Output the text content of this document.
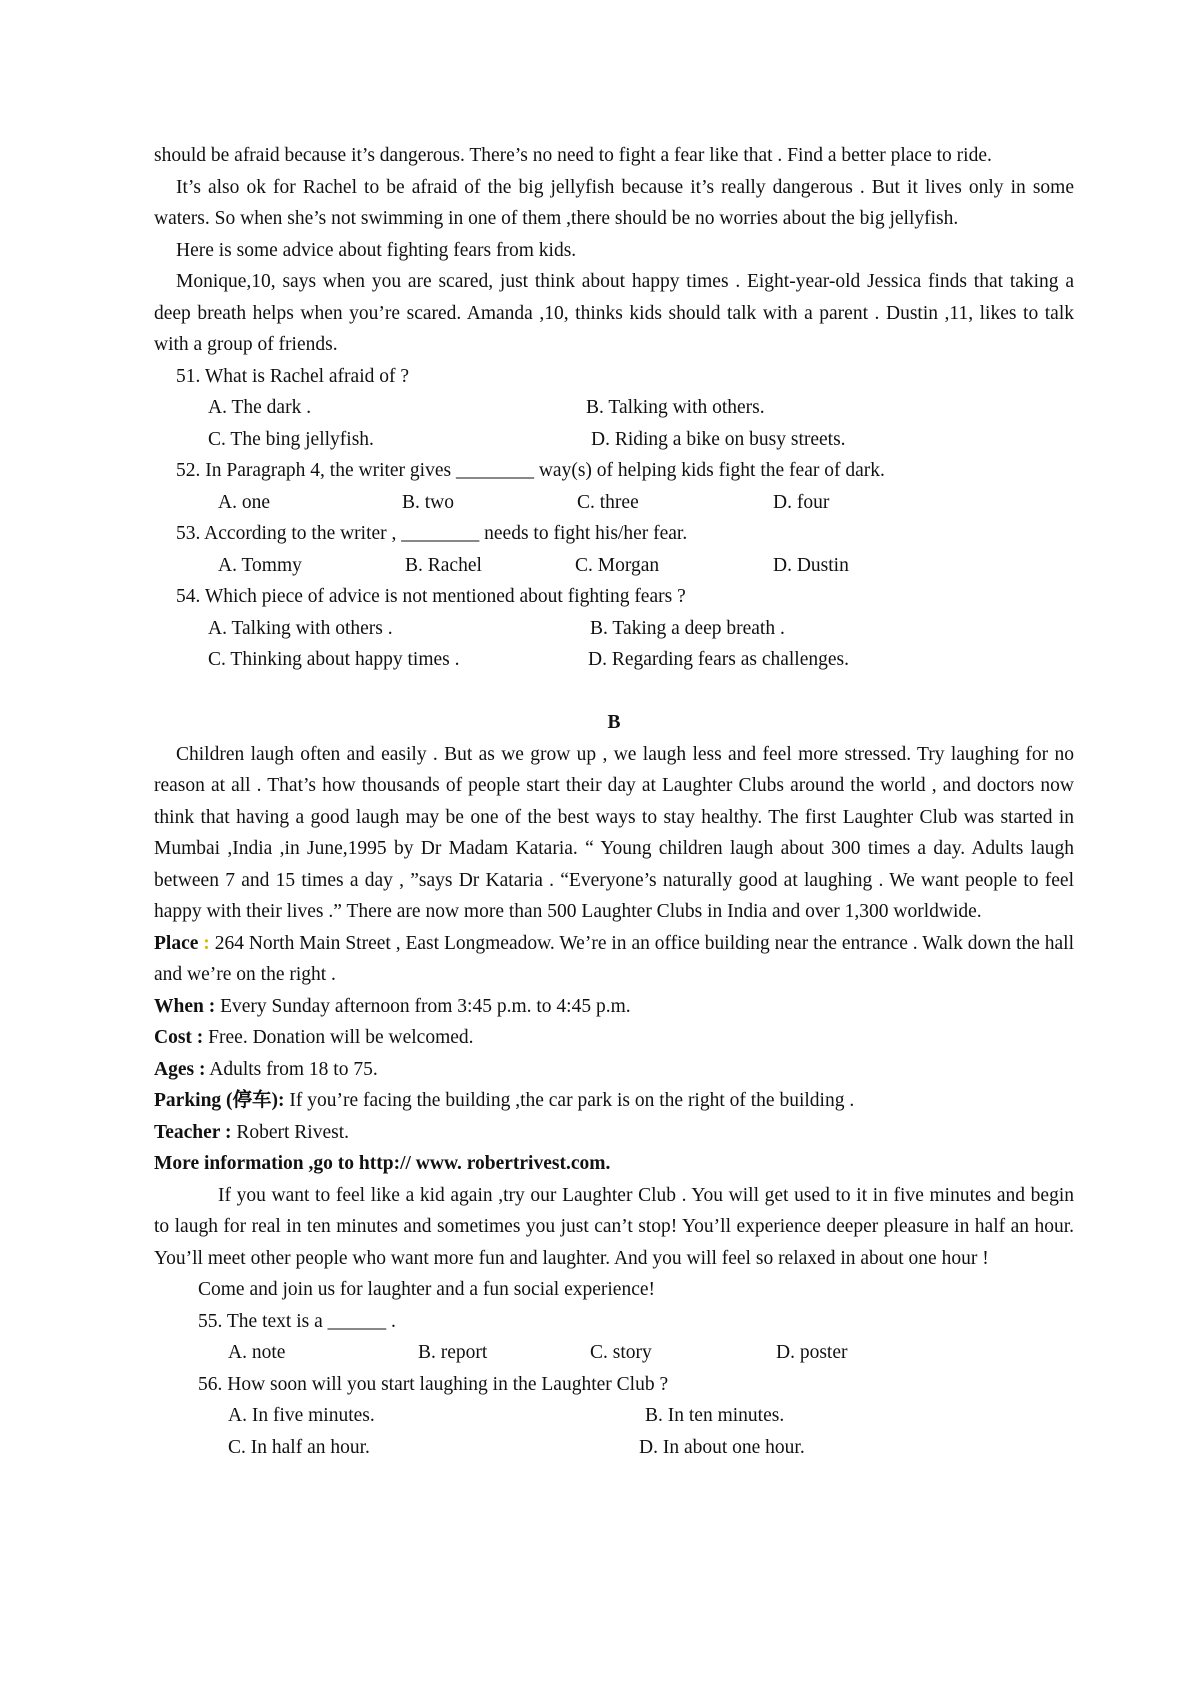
should be afraid because it’s dangerous. There’s no need to fight a fear like that . Find a better place to ride.
It’s also ok for Rachel to be afraid of the big jellyfish because it’s really dangerous . But it lives only in some waters. So when she’s not swimming in one of them ,there should be no worries about the big jellyfish.
Here is some advice about fighting fears from kids.
Monique,10, says when you are scared, just think about happy times . Eight-year-old Jessica finds that taking a deep breath helps when you’re scared. Amanda ,10, thinks kids should talk with a parent . Dustin ,11, likes to talk with a group of friends.
51. What is Rachel afraid of ?
A. The dark .	B. Talking with others.
C. The bing jellyfish.	D. Riding a bike on busy streets.
52. In Paragraph 4, the writer gives ________ way(s) of helping kids fight the fear of dark.
A. one	B. two	C. three	D. four
53. According to the writer , ________ needs to fight his/her fear.
A. Tommy	B. Rachel	C. Morgan	D. Dustin
54. Which piece of advice is not mentioned about fighting fears ?
A. Talking with others .	B. Taking a deep breath .
C. Thinking about happy times .	D. Regarding fears as challenges.
B
Children laugh often and easily . But as we grow up , we laugh less and feel more stressed. Try laughing for no reason at all . That’s how thousands of people start their day at Laughter Clubs around the world , and doctors now think that having a good laugh may be one of the best ways to stay healthy. The first Laughter Club was started in Mumbai ,India ,in June,1995 by Dr Madam Kataria. “ Young children laugh about 300 times a day. Adults laugh between 7 and 15 times a day , ”says Dr Kataria . “Everyone’s naturally good at laughing . We want people to feel happy with their lives .” There are now more than 500 Laughter Clubs in India and over 1,300 worldwide.
Place : 264 North Main Street , East Longmeadow. We’re in an office building near the entrance . Walk down the hall and we’re on the right .
When : Every Sunday afternoon from 3:45 p.m. to 4:45 p.m.
Cost : Free. Donation will be welcomed.
Ages : Adults from 18 to 75.
Parking (停车): If you’re facing the building ,the car park is on the right of the building .
Teacher : Robert Rivest.
More information ,go to http:// www. robertrivest.com.
If you want to feel like a kid again ,try our Laughter Club . You will get used to it in five minutes and begin to laugh for real in ten minutes and sometimes you just can’t stop! You’ll experience deeper pleasure in half an hour. You’ll meet other people who want more fun and laughter. And you will feel so relaxed in about one hour !
Come and join us for laughter and a fun social experience!
55. The text is a ______ .
A. note	B. report	C. story	D. poster
56. How soon will you start laughing in the Laughter Club ?
A. In five minutes.	B. In ten minutes.
C. In half an hour.	D. In about one hour.
